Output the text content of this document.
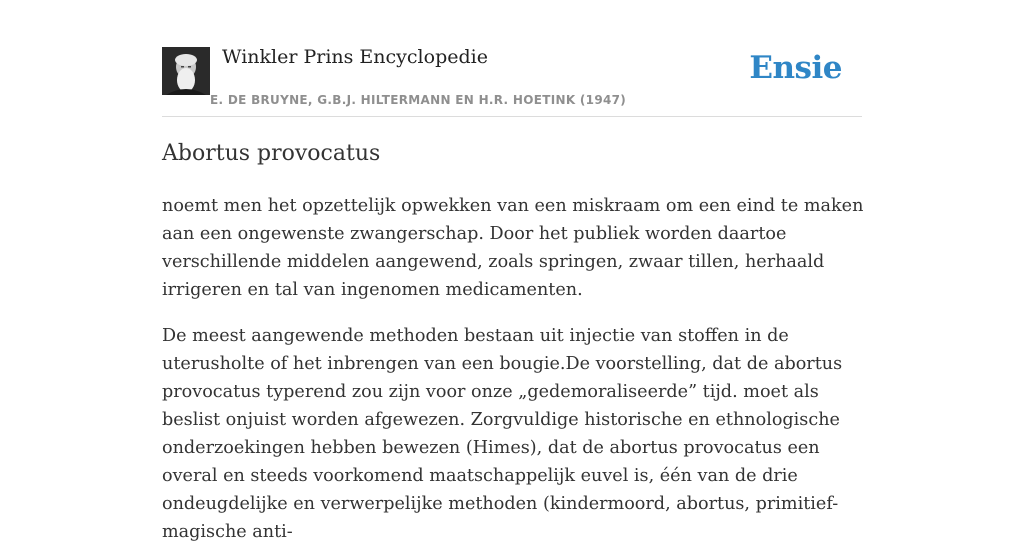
Winkler Prins Encyclopedie
E. DE BRUYNE, G.B.J. HILTERMANN EN H.R. HOETINK (1947)
Ensie
Abortus provocatus

noemt men het opzettelijk opwekken van een miskraam om een eind te maken aan een ongewenste zwangerschap. Door het publiek worden daartoe verschillende middelen aangewend, zoals springen, zwaar tillen, herhaald irrigeren en tal van ingenomen medicamenten.

De meest aangewende methoden bestaan uit injectie van stoffen in de uterusholte of het inbrengen van een bougie.De voorstelling, dat de abortus provocatus typerend zou zijn voor onze „gedemoraliseerde” tijd. moet als beslist onjuist worden afgewezen. Zorgvuldige historische en ethnologische onderzoekingen hebben bewezen (Himes), dat de abortus provocatus een overal en steeds voorkomend maatschappelijk euvel is, één van de drie ondeugdelijke en verwerpelijke methoden (kindermoord, abortus, primitief-magische anti-
